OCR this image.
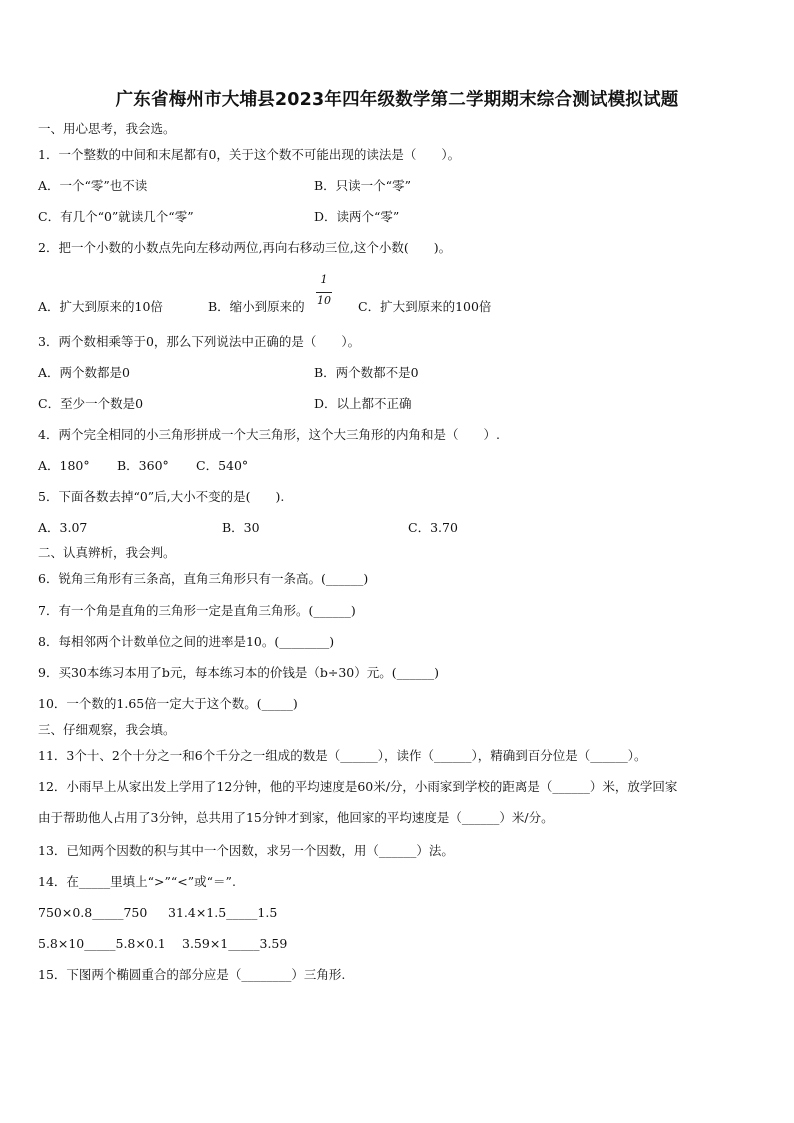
广东省梅州市大埔县2023年四年级数学第二学期期末综合测试模拟试题
一、用心思考，我会选。
1．一个整数的中间和末尾都有0，关于这个数不可能出现的读法是（　　）。
A．一个“零”也不读	B．只读一个“零”
C．有几个“0”就读几个“零”	D．读两个“零”
2．把一个小数的小数点先向左移动两位,再向右移动三位,这个小数(　　)。
A．扩大到原来的10倍	B．缩小到原来的
1
10 C．扩大到原来的100倍
3．两个数相乘等于0，那么下列说法中正确的是（　　）。
A．两个数都是0	B．两个数都不是0
C．至少一个数是0	D．以上都不正确
4．两个完全相同的小三角形拼成一个大三角形，这个大三角形的内角和是（　　）.
A．180° B．360° C．540°
5．下面各数去掉“0”后,大小不变的是(　　).
A．3.07	B．30	C．3.70
二、认真辨析，我会判。
6．锐角三角形有三条高，直角三角形只有一条高。(______)
7．有一个角是直角的三角形一定是直角三角形。(______)
8．每相邻两个计数单位之间的进率是10。(________)
9．买30本练习本用了b元，每本练习本的价钱是（b÷30）元。(______)
10．一个数的1.65倍一定大于这个数。(_____)
三、仔细观察，我会填。
11．3个十、2个十分之一和6个千分之一组成的数是（______），读作（______），精确到百分位是（______）。
12．小雨早上从家出发上学用了12分钟，他的平均速度是60米/分，小雨家到学校的距离是（______）米，放学回家
由于帮助他人占用了3分钟，总共用了15分钟才到家，他回家的平均速度是（______）米/分。
13．已知两个因数的积与其中一个因数，求另一个因数，用（______）法。
14．在_____里填上“>”“<”或“＝”.
750×0.8_____750 31.4×1.5_____1.5
5.8×10_____5.8×0.1 3.59×1_____3.59
15．下图两个椭圆重合的部分应是（________）三角形.
